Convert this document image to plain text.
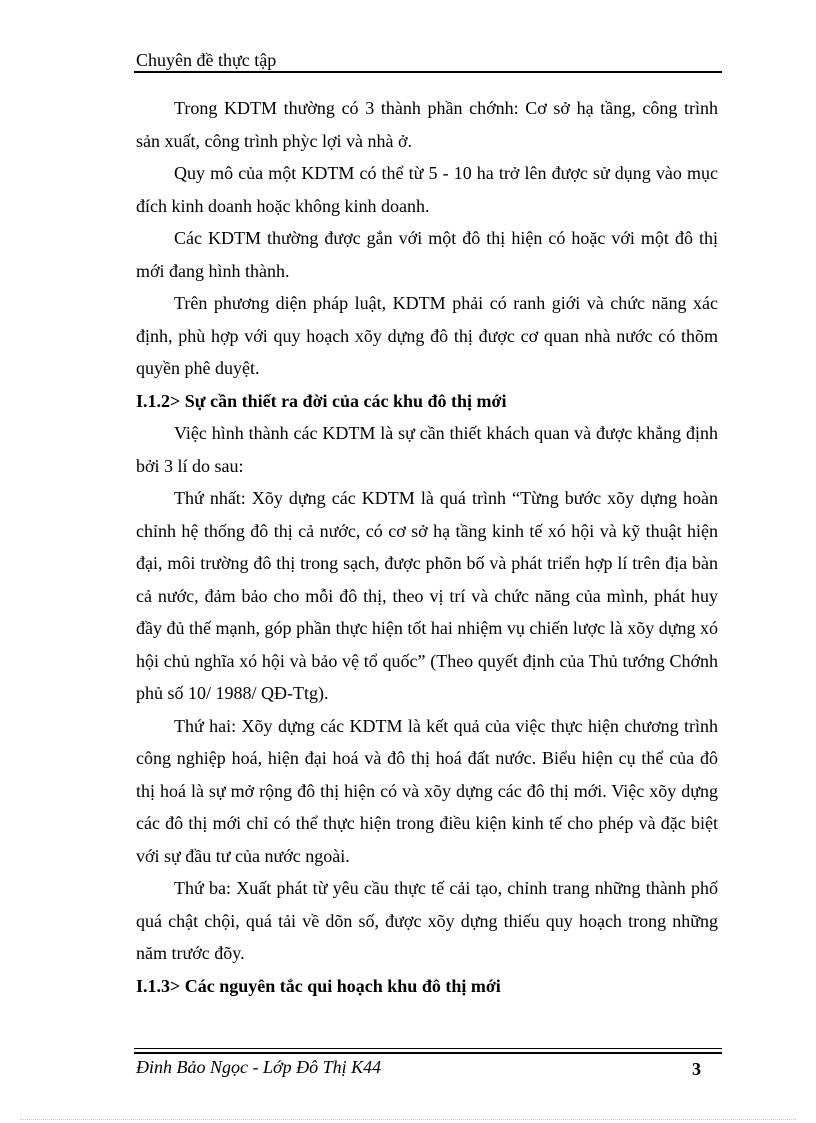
Chuyên đề thực tập

Trong KDTM thường có 3 thành phần chớnh: Cơ sở hạ tầng, công trình sản xuất, công trình phỳc lợi và nhà ở.

Quy mô của một KDTM có thể từ 5 - 10 ha trở lên được sử dụng vào mục đích kinh doanh hoặc không kinh doanh.

Các KDTM thường được gắn với một đô thị hiện có hoặc với một đô thị mới đang hình thành.

Trên phương diện pháp luật, KDTM phải có ranh giới và chức năng xác định, phù hợp với quy hoạch xõy dựng đô thị được cơ quan nhà nước có thõm quyền phê duyệt.

I.1.2> Sự cần thiết ra đời của các khu đô thị mới

Việc hình thành các KDTM là sự cần thiết khách quan và được khẳng định bởi 3 lí do sau:

Thứ nhất: Xõy dựng các KDTM là quá trình “Từng bước xõy dựng hoàn chỉnh hệ thống đô thị cả nước, có cơ sở hạ tầng kinh tế xó hội và kỹ thuật hiện đại, môi trường đô thị trong sạch, được phõn bố và phát triển hợp lí trên địa bàn cả nước, đảm bảo cho mỗi đô thị, theo vị trí và chức năng của mình, phát huy đầy đủ thế mạnh, góp phần thực hiện tốt hai nhiệm vụ chiến lược là xõy dựng xó hội chủ nghĩa xó hội và bảo vệ tổ quốc” (Theo quyết định của Thủ tướng Chớnh phủ số 10/ 1988/ QĐ-Ttg).

Thứ hai: Xõy dựng các KDTM là kết quả của việc thực hiện chương trình công nghiệp hoá, hiện đại hoá và đô thị hoá đất nước. Biểu hiện cụ thể của đô thị hoá là sự mở rộng đô thị hiện có và xõy dựng các đô thị mới. Việc xõy dựng các đô thị mới chỉ có thể thực hiện trong điều kiện kinh tế cho phép và đặc biệt với sự đầu tư của nước ngoài.

Thứ ba: Xuất phát từ yêu cầu thực tế cải tạo, chỉnh trang những thành phố quá chật chội, quá tải về dõn số, được xõy dựng thiếu quy hoạch trong những năm trước đõy.

I.1.3> Các nguyên tắc qui hoạch khu đô thị mới

Đinh Bảo Ngọc - Lớp Đô Thị K44	3
